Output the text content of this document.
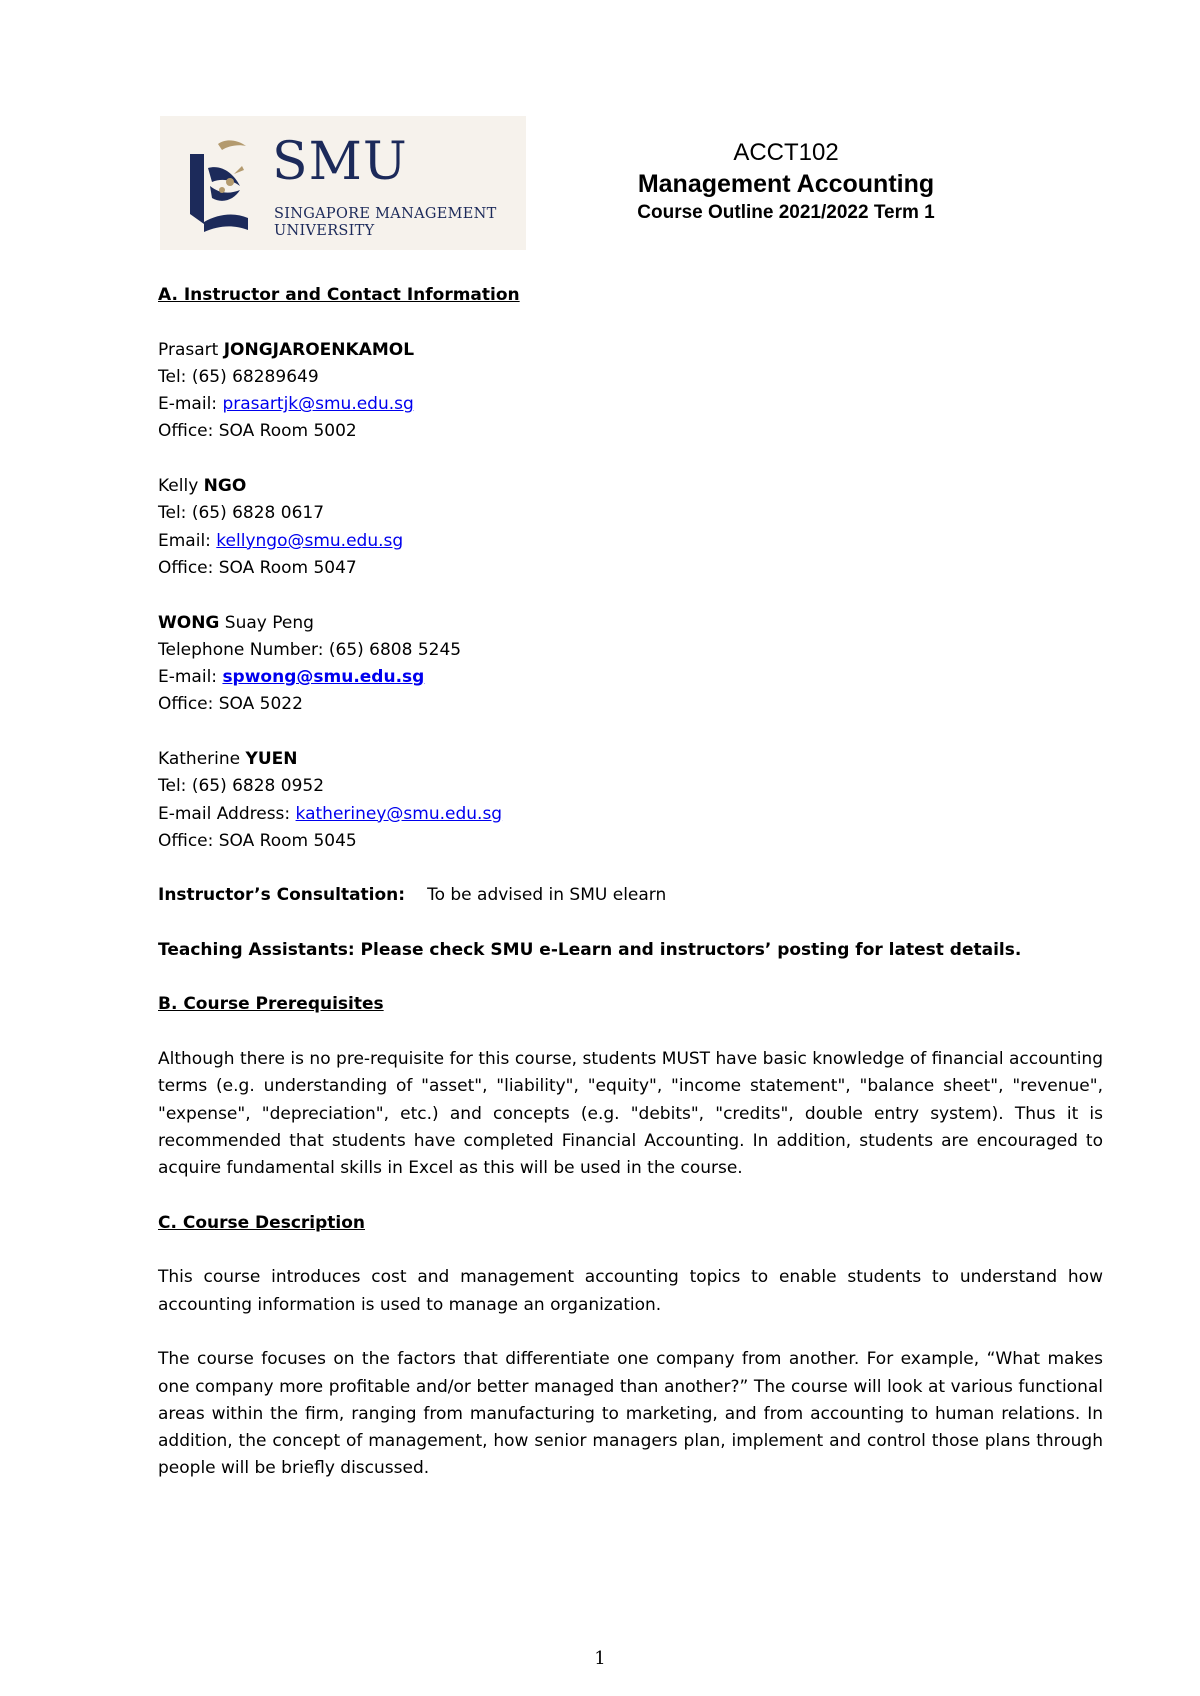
SMU
SINGAPORE MANAGEMENT
UNIVERSITY
ACCT102
Management Accounting
Course Outline 2021/2022 Term 1
A. Instructor and Contact Information
Prasart JONGJAROENKAMOL
Tel: (65) 68289649
E-mail: prasartjk@smu.edu.sg
Office: SOA Room 5002
Kelly NGO
Tel: (65) 6828 0617
Email: kellyngo@smu.edu.sg
Office: SOA Room 5047
WONG Suay Peng
Telephone Number: (65) 6808 5245
E-mail: spwong@smu.edu.sg
Office: SOA 5022
Katherine YUEN
Tel: (65) 6828 0952
E-mail Address: katheriney@smu.edu.sg
Office: SOA Room 5045
Instructor’s Consultation: To be advised in SMU elearn
Teaching Assistants: Please check SMU e-Learn and instructors’ posting for latest details.
B. Course Prerequisites
Although there is no pre-requisite for this course, students MUST have basic knowledge of financial accounting terms (e.g. understanding of "asset", "liability", "equity", "income statement", "balance sheet", "revenue", "expense", "depreciation", etc.) and concepts (e.g. "debits", "credits", double entry system). Thus it is recommended that students have completed Financial Accounting. In addition, students are encouraged to acquire fundamental skills in Excel as this will be used in the course.
C. Course Description
This course introduces cost and management accounting topics to enable students to understand how accounting information is used to manage an organization.
The course focuses on the factors that differentiate one company from another. For example, “What makes one company more profitable and/or better managed than another?” The course will look at various functional areas within the firm, ranging from manufacturing to marketing, and from accounting to human relations. In addition, the concept of management, how senior managers plan, implement and control those plans through people will be briefly discussed.
1
